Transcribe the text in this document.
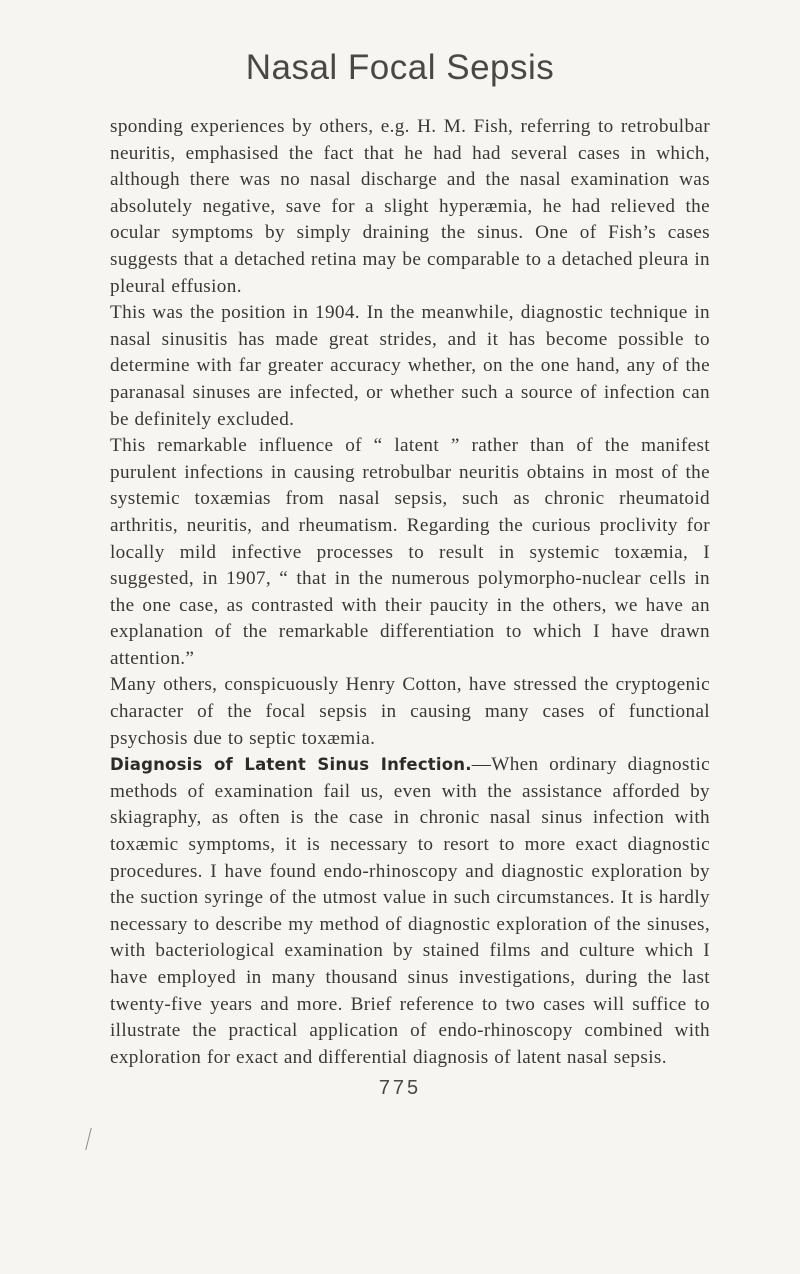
Nasal Focal Sepsis

sponding experiences by others, e.g. H. M. Fish, referring to retrobulbar neuritis, emphasised the fact that he had had several cases in which, although there was no nasal discharge and the nasal examination was absolutely negative, save for a slight hyperæmia, he had relieved the ocular symptoms by simply draining the sinus. One of Fish’s cases suggests that a detached retina may be comparable to a detached pleura in pleural effusion.

This was the position in 1904. In the meanwhile, diagnostic technique in nasal sinusitis has made great strides, and it has become possible to determine with far greater accuracy whether, on the one hand, any of the paranasal sinuses are infected, or whether such a source of infection can be definitely excluded.

This remarkable influence of “ latent ” rather than of the manifest purulent infections in causing retrobulbar neuritis obtains in most of the systemic toxæmias from nasal sepsis, such as chronic rheumatoid arthritis, neuritis, and rheumatism. Regarding the curious proclivity for locally mild infective processes to result in systemic toxæmia, I suggested, in 1907, “ that in the numerous polymorpho-nuclear cells in the one case, as contrasted with their paucity in the others, we have an explanation of the remarkable differentiation to which I have drawn attention.”

Many others, conspicuously Henry Cotton, have stressed the cryptogenic character of the focal sepsis in causing many cases of functional psychosis due to septic toxæmia.

Diagnosis of Latent Sinus Infection.—When ordinary diagnostic methods of examination fail us, even with the assistance afforded by skiagraphy, as often is the case in chronic nasal sinus infection with toxæmic symptoms, it is necessary to resort to more exact diagnostic procedures. I have found endo-rhinoscopy and diagnostic exploration by the suction syringe of the utmost value in such circumstances. It is hardly necessary to describe my method of diagnostic exploration of the sinuses, with bacteriological examination by stained films and culture which I have employed in many thousand sinus investigations, during the last twenty-five years and more. Brief reference to two cases will suffice to illustrate the practical application of endo-rhinoscopy combined with exploration for exact and differential diagnosis of latent nasal sepsis.

775
